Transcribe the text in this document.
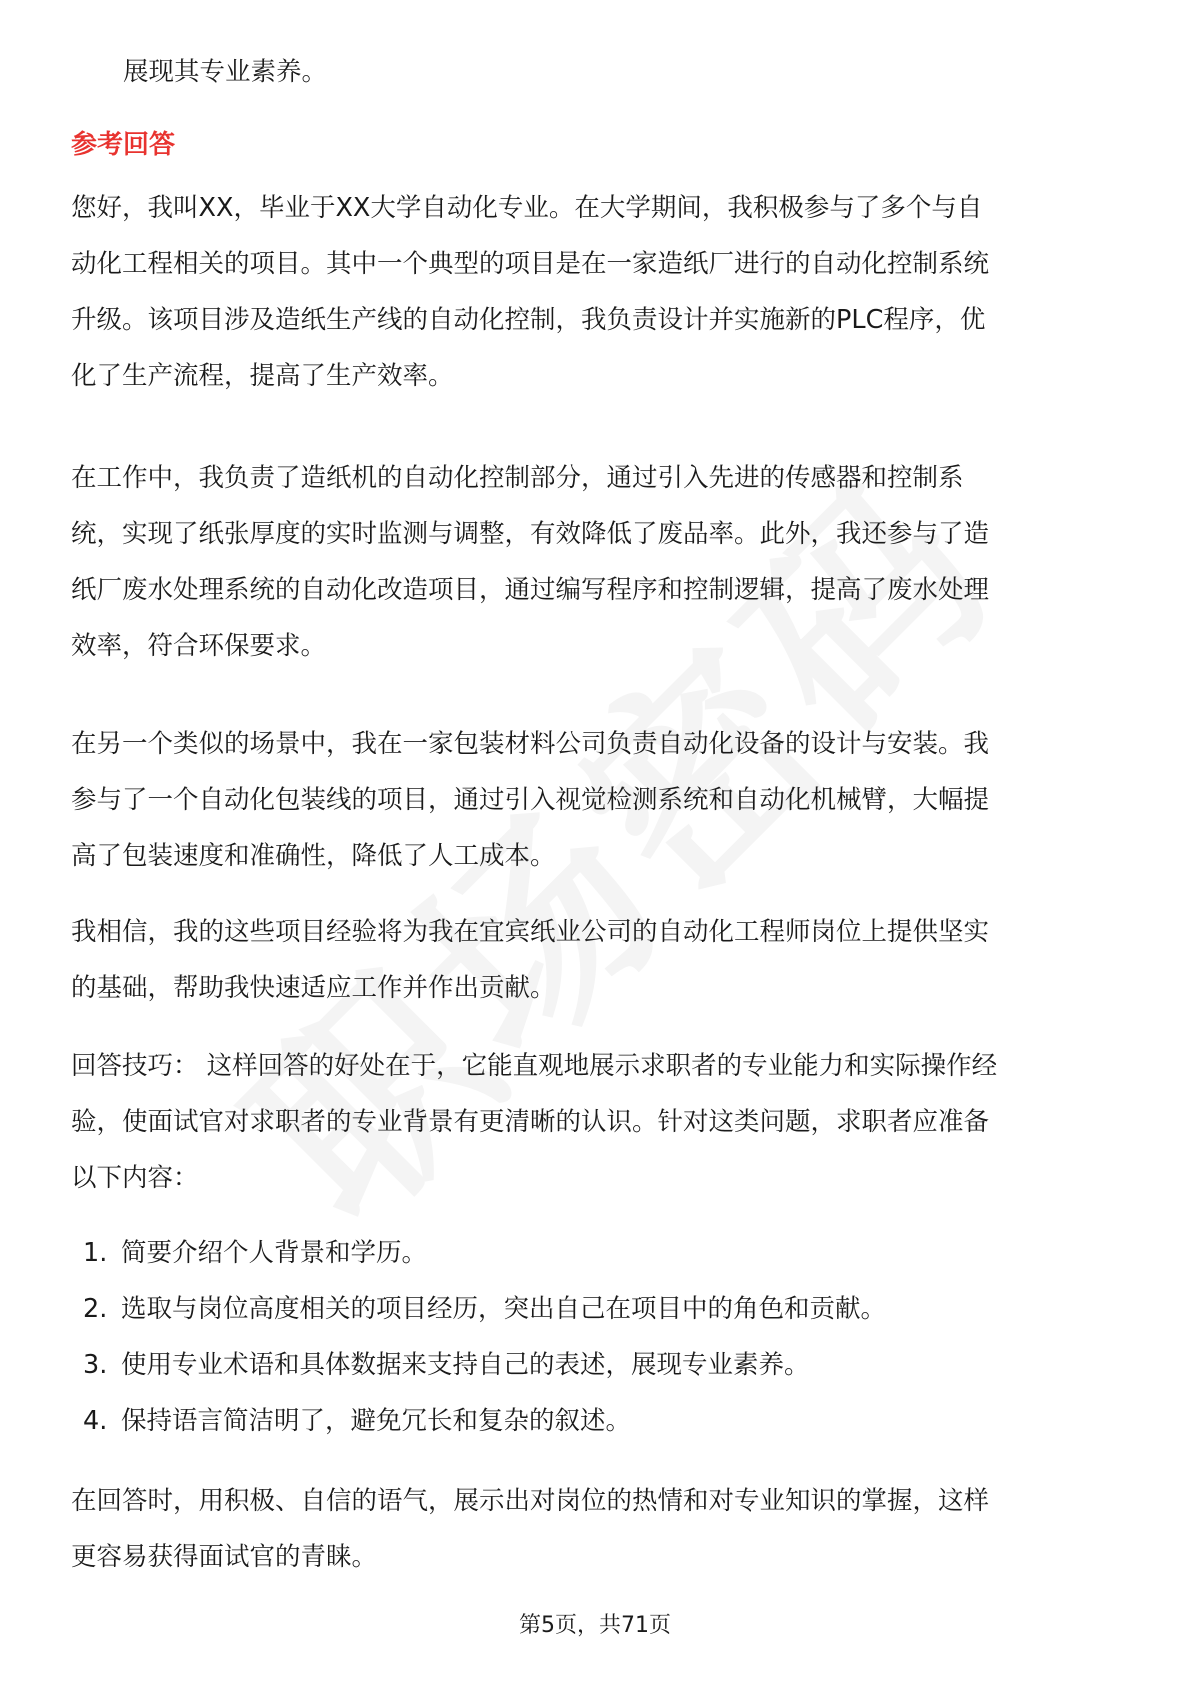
展现其专业素养。
参考回答
您好，我叫XX，毕业于XX大学自动化专业。在大学期间，我积极参与了多个与自
动化工程相关的项目。其中一个典型的项目是在一家造纸厂进行的自动化控制系统
升级。该项目涉及造纸生产线的自动化控制，我负责设计并实施新的PLC程序，优
化了生产流程，提高了生产效率。
在工作中，我负责了造纸机的自动化控制部分，通过引入先进的传感器和控制系
统，实现了纸张厚度的实时监测与调整，有效降低了废品率。此外，我还参与了造
纸厂废水处理系统的自动化改造项目，通过编写程序和控制逻辑，提高了废水处理
效率，符合环保要求。
在另一个类似的场景中，我在一家包装材料公司负责自动化设备的设计与安装。我
参与了一个自动化包装线的项目，通过引入视觉检测系统和自动化机械臂，大幅提
高了包装速度和准确性，降低了人工成本。
我相信，我的这些项目经验将为我在宜宾纸业公司的自动化工程师岗位上提供坚实
的基础，帮助我快速适应工作并作出贡献。
回答技巧： 这样回答的好处在于，它能直观地展示求职者的专业能力和实际操作经
验，使面试官对求职者的专业背景有更清晰的认识。针对这类问题，求职者应准备
以下内容：
1. 简要介绍个人背景和学历。
2. 选取与岗位高度相关的项目经历，突出自己在项目中的角色和贡献。
3. 使用专业术语和具体数据来支持自己的表述，展现专业素养。
4. 保持语言简洁明了，避免冗长和复杂的叙述。
在回答时，用积极、自信的语气，展示出对岗位的热情和对专业知识的掌握，这样
更容易获得面试官的青睐。
第5页，共71页
